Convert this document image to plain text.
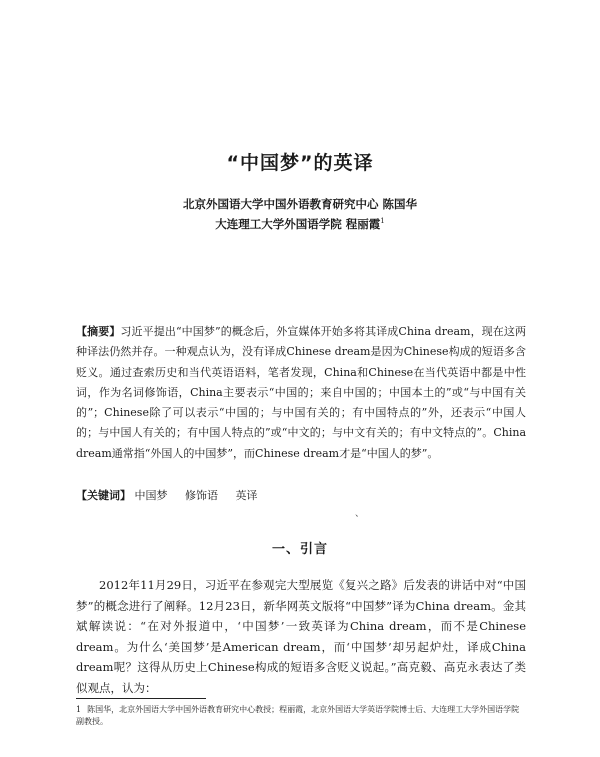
“中国梦”的英译
北京外国语大学中国外语教育研究中心 陈国华
大连理工大学外国语学院 程丽霞$^1$
【摘要】习近平提出“中国梦”的概念后，外宣媒体开始多将其译成China dream，现在这两种译法仍然并存。一种观点认为，没有译成Chinese dream是因为Chinese构成的短语多含贬义。通过查索历史和当代英语语料，笔者发现，China和Chinese在当代英语中都是中性词，作为名词修饰语，China主要表示“中国的；来自中国的；中国本土的”或“与中国有关的”；Chinese除了可以表示“中国的；与中国有关的；有中国特点的”外，还表示“中国人的；与中国人有关的；有中国人特点的”或“中文的；与中文有关的；有中文特点的”。China dream通常指“外国人的中国梦”，而Chinese dream才是“中国人的梦”。
【关键词】 中国梦 修饰语 英译
、
一、引言
2012年11月29日，习近平在参观完大型展览《复兴之路》后发表的讲话中对“中国梦”的概念进行了阐释。12月23日，新华网英文版将“中国梦”译为China dream。金其斌解读说：“在对外报道中，‘中国梦’一致英译为China dream，而不是Chinese dream。为什么‘美国梦’是American dream，而‘中国梦’却另起炉灶，译成China dream呢？这得从历史上Chinese构成的短语多含贬义说起。”高克毅、高克永表达了类似观点，认为：
1 陈国华，北京外国语大学中国外语教育研究中心教授；程丽霞，北京外国语大学英语学院博士后、大连理工大学外国语学院副教授。
